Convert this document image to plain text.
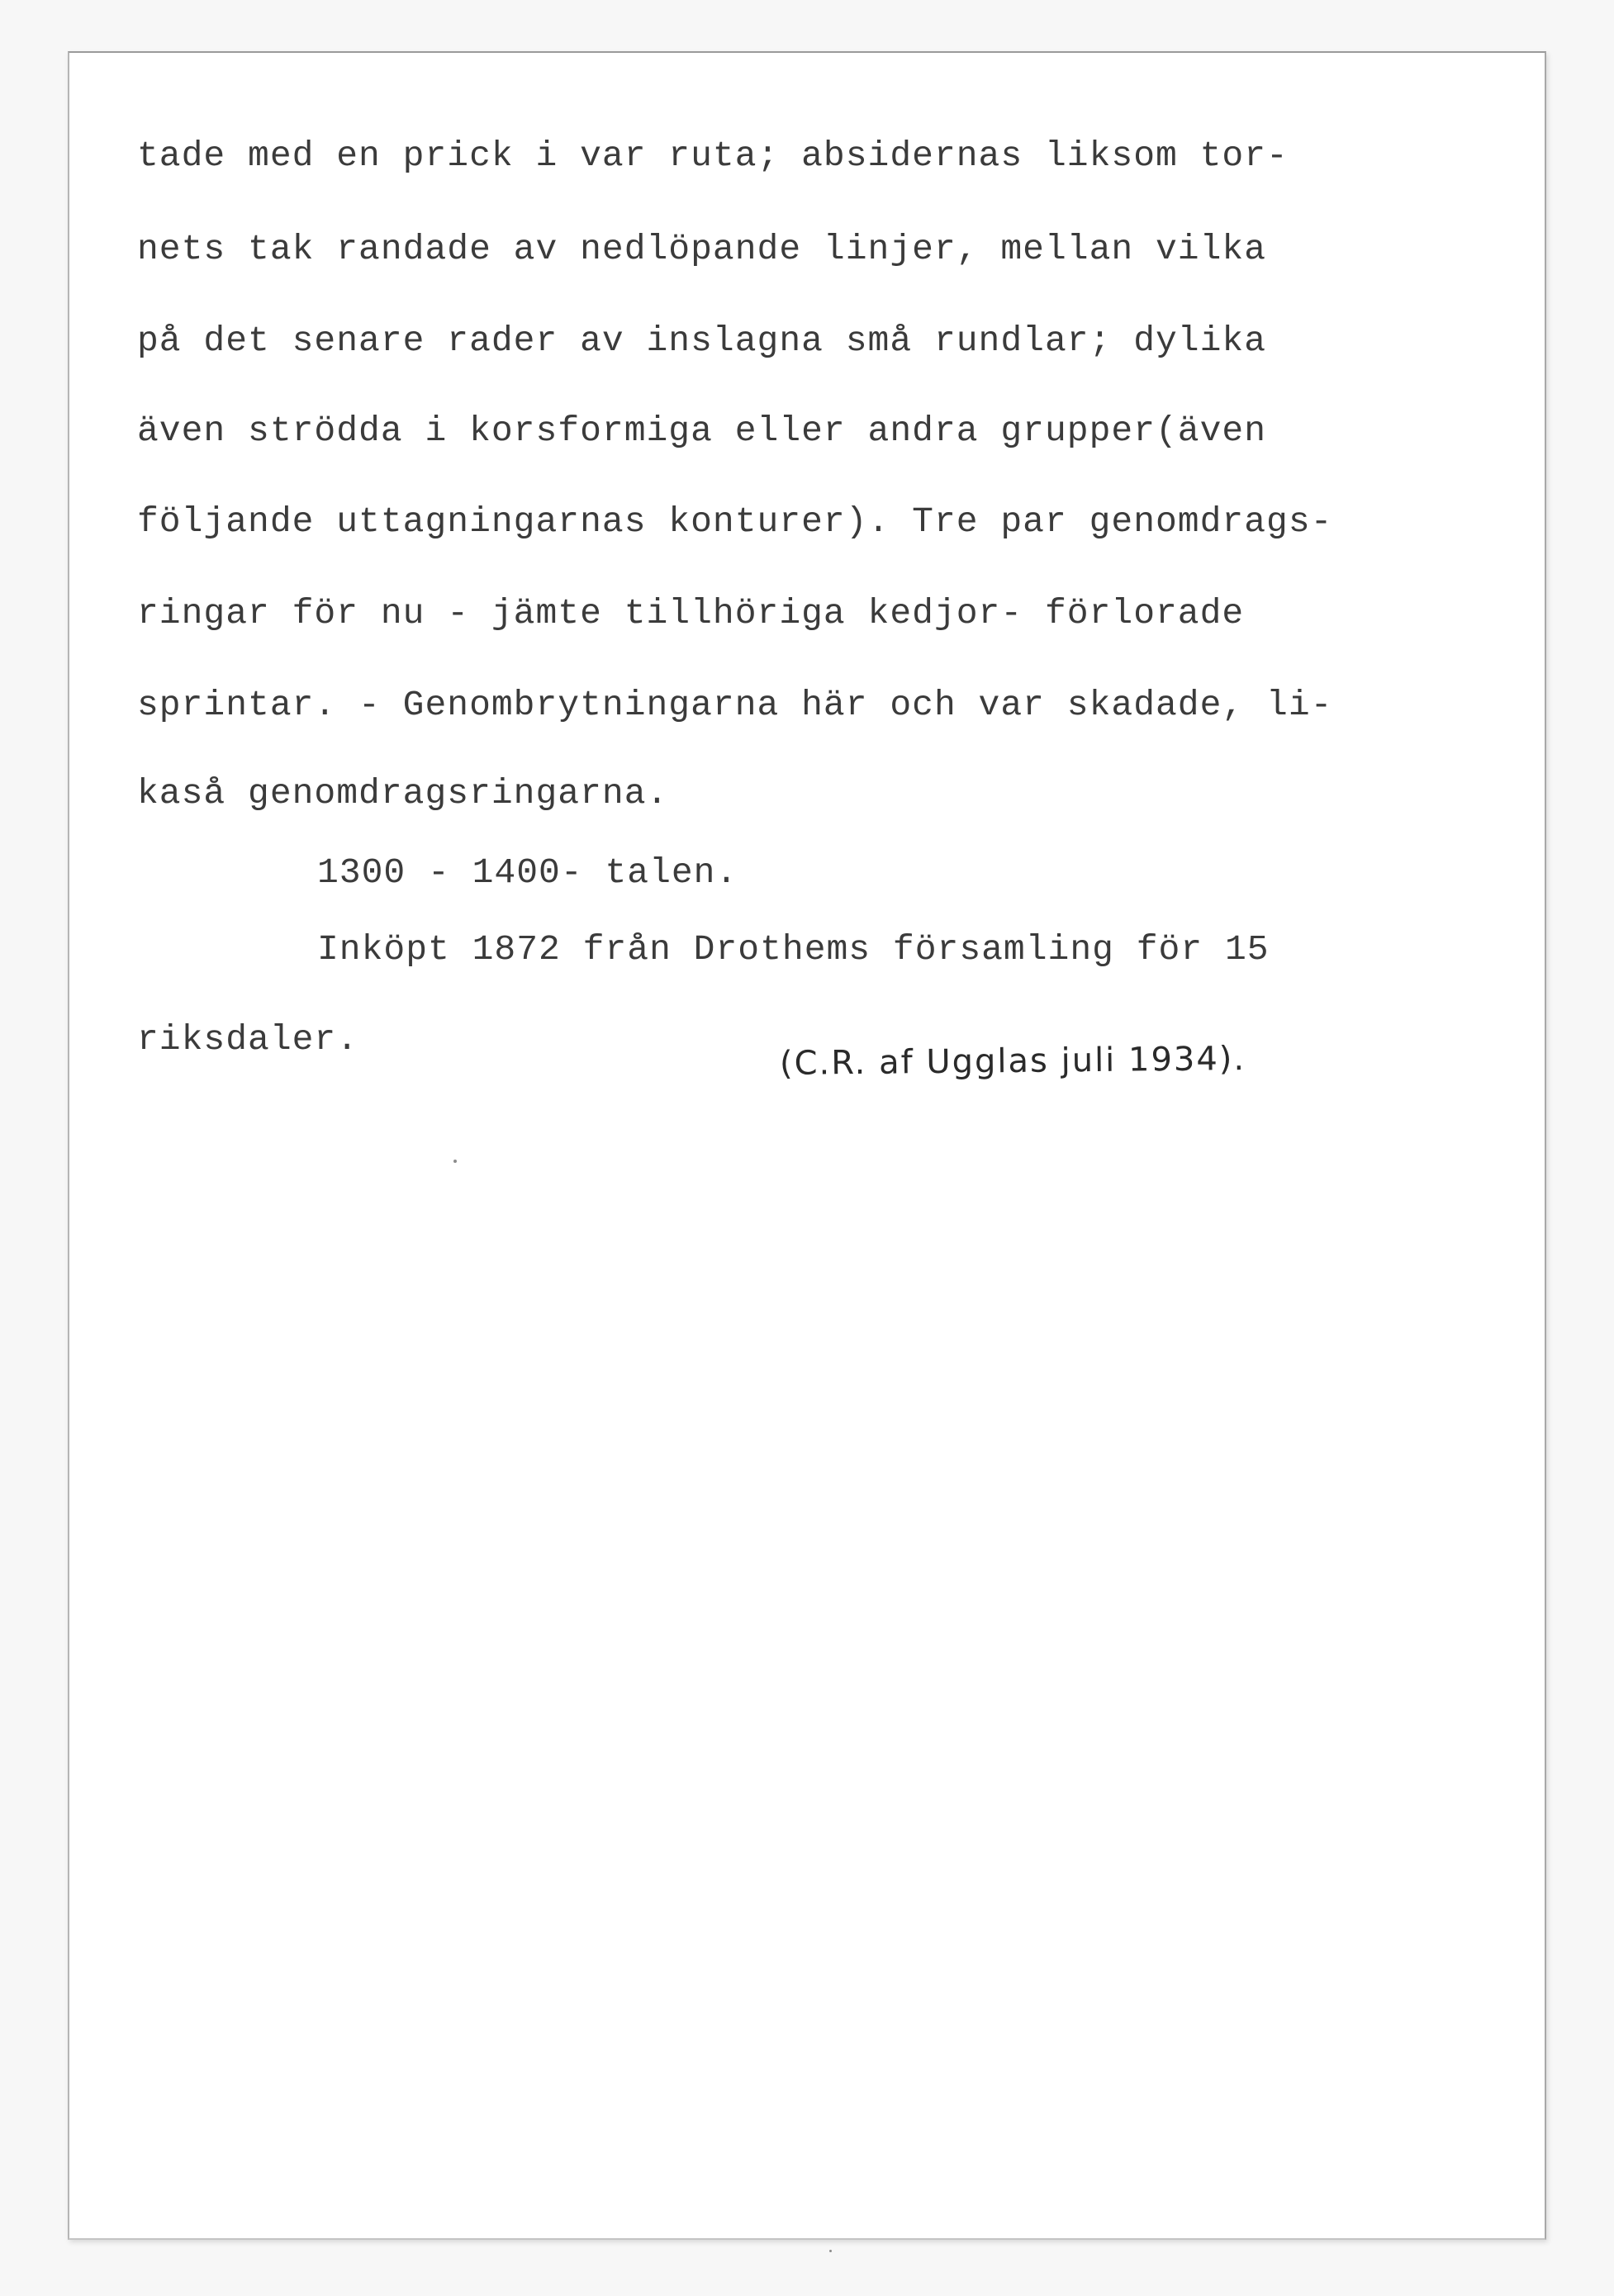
tade med en prick i var ruta; absidernas liksom tor-

nets tak randade av nedlöpande linjer, mellan vilka

på det senare rader av inslagna små rundlar; dylika

även strödda i korsformiga eller andra grupper(även

följande uttagningarnas konturer). Tre par genomdrags-

ringar för nu - jämte tillhöriga kedjor- förlorade

sprintar. - Genombrytningarna här och var skadade, li-

kaså genomdragsringarna.

1300 - 1400- talen.

Inköpt 1872 från Drothems församling för 15

riksdaler.

(C.R. af Ugglas juli 1934).
